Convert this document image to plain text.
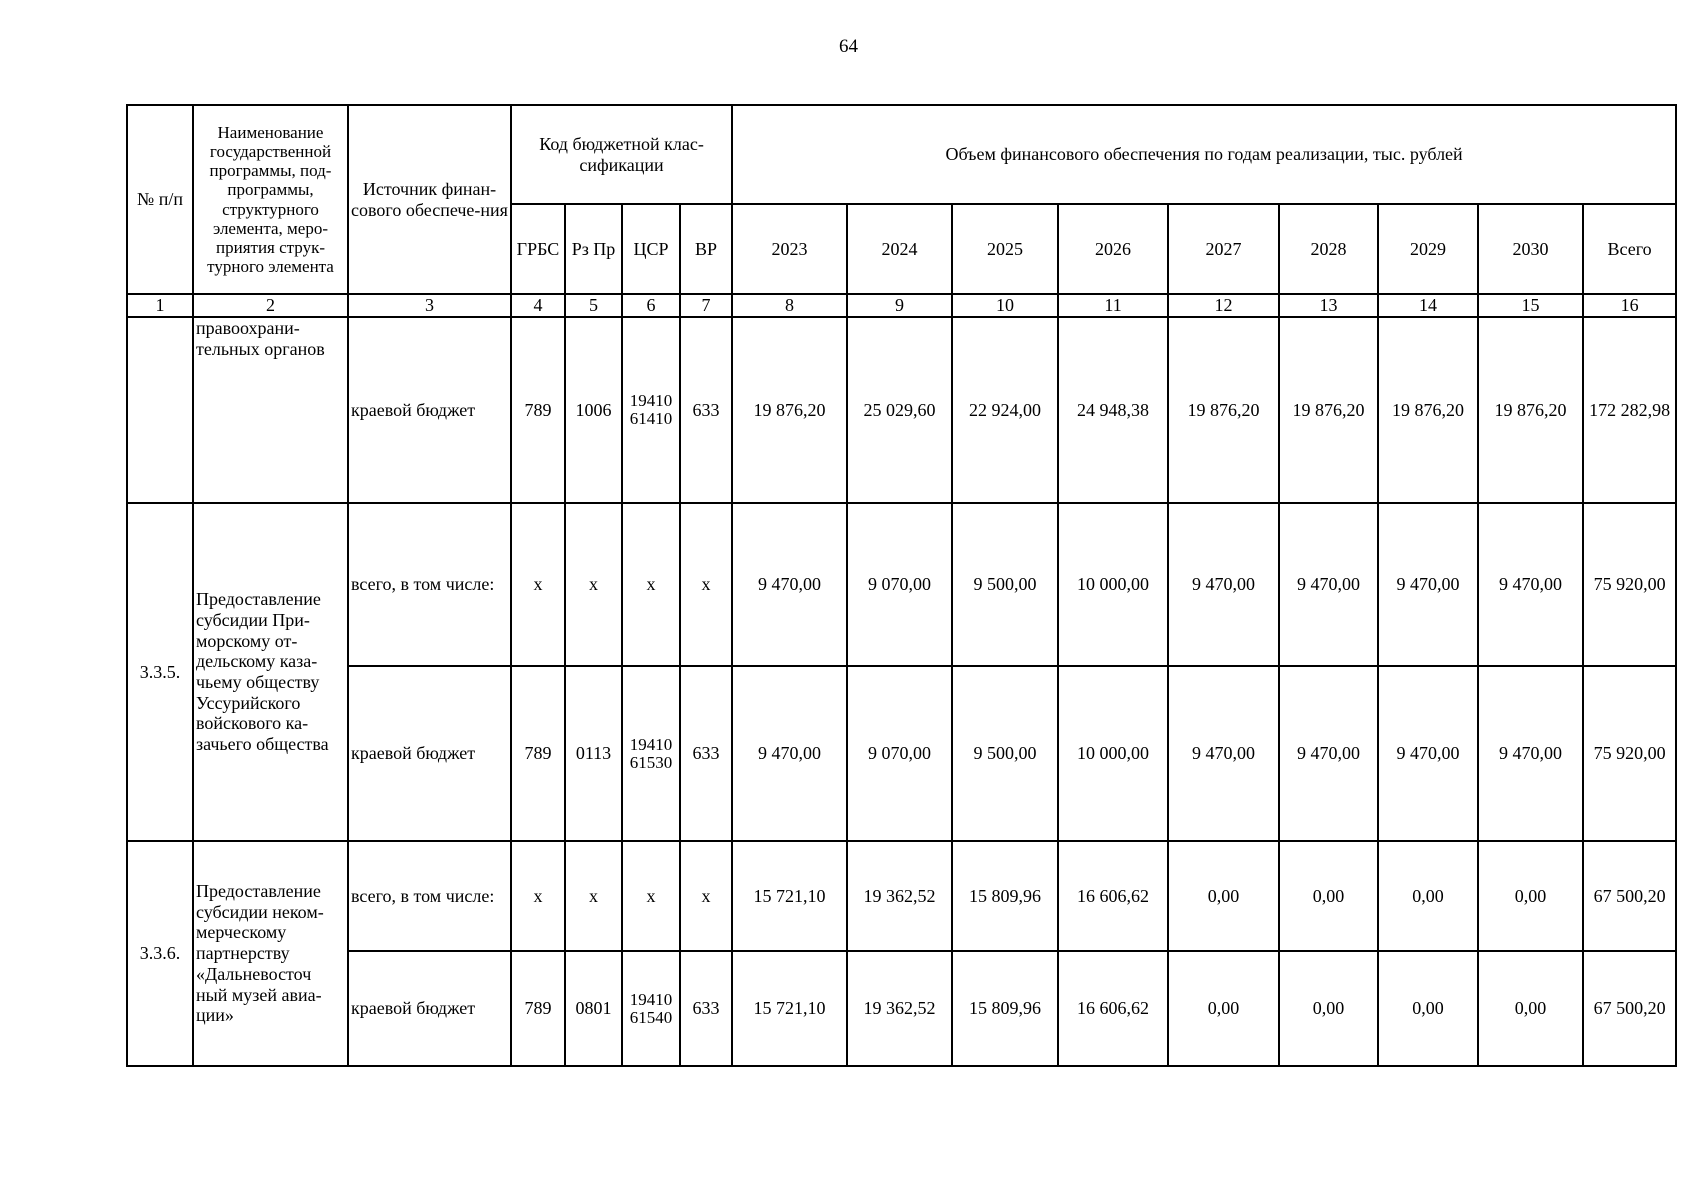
64
№ п/п	Наименование государственной программы, под-программы, структурного элемента, меро-приятия струк-турного элемента	Источник финан-сового обеспече-ния	Код бюджетной клас-сификации				Объем финансового обеспечения по годам реализации, тыс. рублей								
			ГРБС	Рз Пр	ЦСР	ВР	2023	2024	2025	2026	2027	2028	2029	2030	Всего
1	2	3	4	5	6	7	8	9	10	11	12	13	14	15	16
	правоохрани-тельных органов	краевой бюджет	789	1006	19410 61410	633	19 876,20	25 029,60	22 924,00	24 948,38	19 876,20	19 876,20	19 876,20	19 876,20	172 282,98
3.3.5.	Предоставление субсидии При-морскому от-дельскому каза-чьему обществу Уссурийского войскового ка-зачьего общества	всего, в том числе:	х	х	х	х	9 470,00	9 070,00	9 500,00	10 000,00	9 470,00	9 470,00	9 470,00	9 470,00	75 920,00
		краевой бюджет	789	0113	19410 61530	633	9 470,00	9 070,00	9 500,00	10 000,00	9 470,00	9 470,00	9 470,00	9 470,00	75 920,00
3.3.6.	Предоставление субсидии неком-мерческому партнерству «Дальневосточ ный музей авиа-ции»	всего, в том числе:	х	х	х	х	15 721,10	19 362,52	15 809,96	16 606,62	0,00	0,00	0,00	0,00	67 500,20
		краевой бюджет	789	0801	19410 61540	633	15 721,10	19 362,52	15 809,96	16 606,62	0,00	0,00	0,00	0,00	67 500,20
